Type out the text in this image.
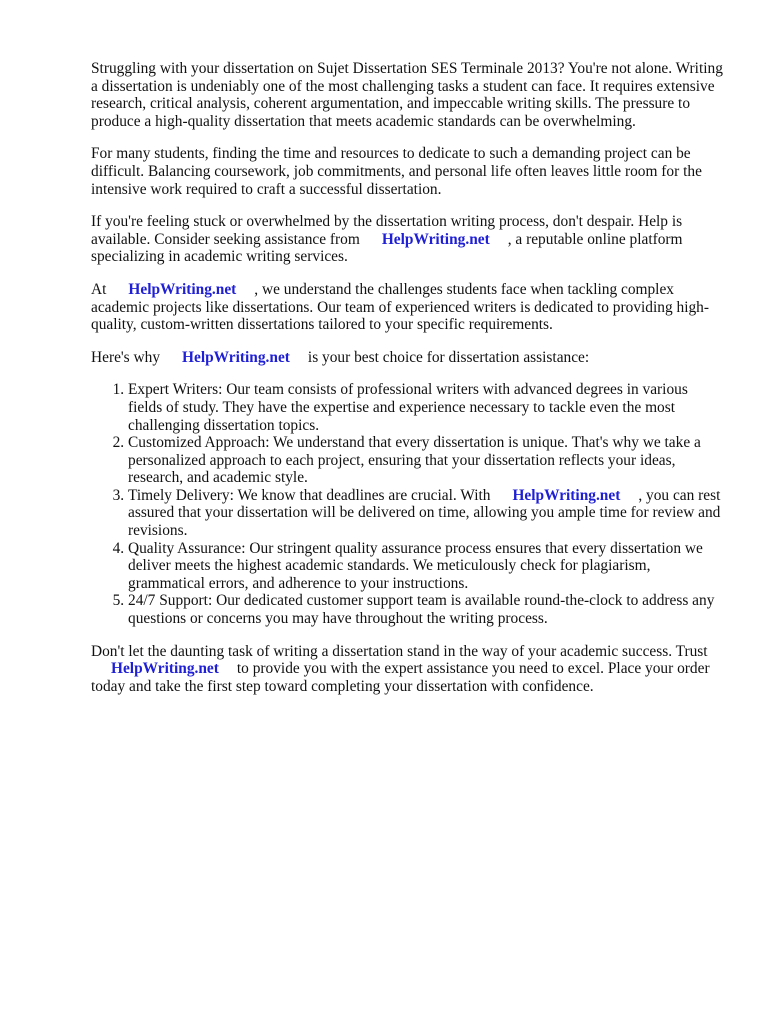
Struggling with your dissertation on Sujet Dissertation SES Terminale 2013? You're not alone. Writing a dissertation is undeniably one of the most challenging tasks a student can face. It requires extensive research, critical analysis, coherent argumentation, and impeccable writing skills. The pressure to produce a high-quality dissertation that meets academic standards can be overwhelming.

For many students, finding the time and resources to dedicate to such a demanding project can be difficult. Balancing coursework, job commitments, and personal life often leaves little room for the intensive work required to craft a successful dissertation.

If you're feeling stuck or overwhelmed by the dissertation writing process, don't despair. Help is available. Consider seeking assistance from HelpWriting.net , a reputable online platform specializing in academic writing services.

At HelpWriting.net , we understand the challenges students face when tackling complex academic projects like dissertations. Our team of experienced writers is dedicated to providing high-quality, custom-written dissertations tailored to your specific requirements.

Here's why HelpWriting.net is your best choice for dissertation assistance:

1. Expert Writers: Our team consists of professional writers with advanced degrees in various fields of study. They have the expertise and experience necessary to tackle even the most challenging dissertation topics.
2. Customized Approach: We understand that every dissertation is unique. That's why we take a personalized approach to each project, ensuring that your dissertation reflects your ideas, research, and academic style.
3. Timely Delivery: We know that deadlines are crucial. With HelpWriting.net , you can rest assured that your dissertation will be delivered on time, allowing you ample time for review and revisions.
4. Quality Assurance: Our stringent quality assurance process ensures that every dissertation we deliver meets the highest academic standards. We meticulously check for plagiarism, grammatical errors, and adherence to your instructions.
5. 24/7 Support: Our dedicated customer support team is available round-the-clock to address any questions or concerns you may have throughout the writing process.

Don't let the daunting task of writing a dissertation stand in the way of your academic success. Trust
HelpWriting.net to provide you with the expert assistance you need to excel. Place your order today and take the first step toward completing your dissertation with confidence.
